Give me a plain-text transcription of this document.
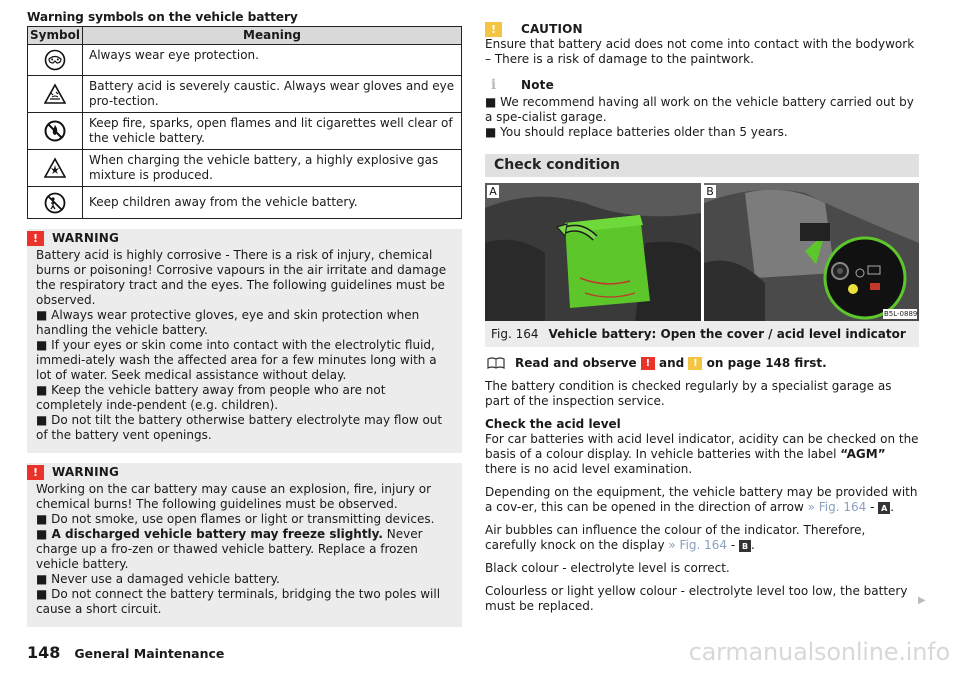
Warning symbols on the vehicle battery
Symbol	Meaning
	Always wear eye protection.
	Battery acid is severely caustic. Always wear gloves and eye pro-tection.
	Keep fire, sparks, open flames and lit cigarettes well clear of the vehicle battery.
	When charging the vehicle battery, a highly explosive gas mixture is produced.
	Keep children away from the vehicle battery.
!	WARNING

Battery acid is highly corrosive - There is a risk of injury, chemical burns or poisoning! Corrosive vapours in the air irritate and damage the respiratory tract and the eyes. The following guidelines must be observed.

■ Always wear protective gloves, eye and skin protection when handling the vehicle battery.

■ If your eyes or skin come into contact with the electrolytic fluid, immedi-ately wash the affected area for a few minutes long with a lot of water. Seek medical assistance without delay.

■ Keep the vehicle battery away from people who are not completely inde-pendent (e.g. children).

■ Do not tilt the battery otherwise battery electrolyte may flow out of the battery vent openings.

!	WARNING

Working on the car battery may cause an explosion, fire, injury or chemical burns! The following guidelines must be observed.

■ Do not smoke, use open flames or light or transmitting devices.

■ A discharged vehicle battery may freeze slightly. Never charge up a fro-zen or thawed vehicle battery. Replace a frozen vehicle battery.

■ Never use a damaged vehicle battery.

■ Do not connect the battery terminals, bridging the two poles will cause a short circuit.

!	CAUTION
Ensure that battery acid does not come into contact with the bodywork – There is a risk of damage to the paintwork.
i	Note
■ We recommend having all work on the vehicle battery carried out by a spe-cialist garage.
■ You should replace batteries older than 5 years.
Check condition
A	B
B5L-0889
Fig. 164 Vehicle battery: Open the cover / acid level indicator
Read and observe
!
and
!
on page 148 first.
The battery condition is checked regularly by a specialist garage as part of the inspection service.
Check the acid level
For car batteries with acid level indicator, acidity can be checked on the basis of a colour display. In vehicle batteries with the label “AGM” there is no acid level examination.
Depending on the equipment, the vehicle battery may be provided with a cov-er, this can be opened in the direction of arrow » Fig. 164 - A .
Air bubbles can influence the colour of the indicator. Therefore, carefully knock on the display » Fig. 164 - B .
Black colour - electrolyte level is correct.
Colourless or light yellow colour - electrolyte level too low, the battery must be replaced.	▶
148 General Maintenance	carmanualsonline.info
